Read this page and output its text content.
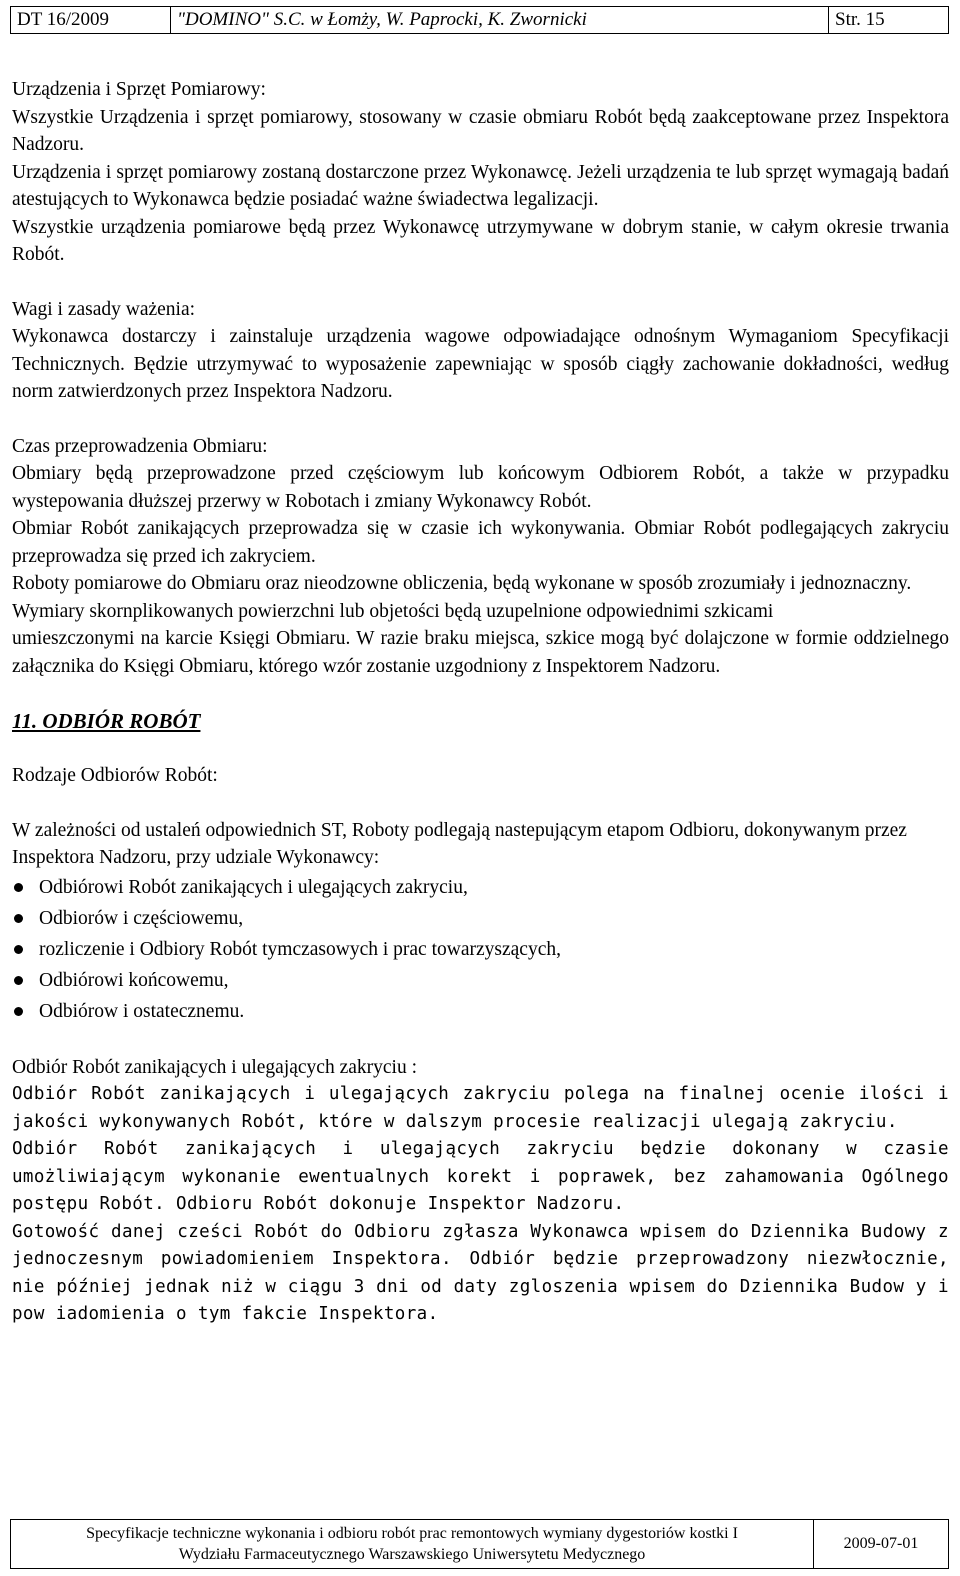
DT 16/2009	"DOMINO" S.C. w Łomży, W. Paprocki, K. Zwornicki	Str. 15

Urządzenia i Sprzęt Pomiarowy:

Wszystkie Urządzenia i sprzęt pomiarowy, stosowany w czasie obmiaru Robót będą zaakceptowane przez Inspektora Nadzoru.

Urządzenia i sprzęt pomiarowy zostaną dostarczone przez Wykonawcę. Jeżeli urządzenia te lub sprzęt wymagają badań atestujących to Wykonawca będzie posiadać ważne świadectwa legalizacji.

Wszystkie urządzenia pomiarowe będą przez Wykonawcę utrzymywane w dobrym stanie, w całym okresie trwania Robót.

Wagi i zasady ważenia:

Wykonawca dostarczy i zainstaluje urządzenia wagowe odpowiadające odnośnym Wymaganiom Specyfikacji Technicznych. Będzie utrzymywać to wyposażenie zapewniając w sposób ciągły zachowanie dokładności, według norm zatwierdzonych przez Inspektora Nadzoru.

Czas przeprowadzenia Obmiaru:

Obmiary będą przeprowadzone przed częściowym lub końcowym Odbiorem Robót, a także w przypadku wystepowania dłuższej przerwy w Robotach i zmiany Wykonawcy Robót.

Obmiar Robót zanikających przeprowadza się w czasie ich wykonywania. Obmiar Robót podlegających zakryciu przeprowadza się przed ich zakryciem.

Roboty pomiarowe do Obmiaru oraz nieodzowne obliczenia, będą wykonane w sposób zrozumiały i jednoznaczny.

Wymiary skornplikowanych powierzchni lub objetości będą uzupelnione odpowiednimi szkicami

umieszczonymi na karcie Księgi Obmiaru. W razie braku miejsca, szkice mogą być dolajczone w formie oddzielnego załącznika do Księgi Obmiaru, którego wzór zostanie uzgodniony z Inspektorem Nadzoru.

11. ODBIÓR ROBÓT

Rodzaje Odbiorów Robót:

W zależności od ustaleń odpowiednich ST, Roboty podlegają nastepującym etapom Odbioru, dokonywanym przez Inspektora Nadzoru, przy udziale Wykonawcy:

Odbiórowi Robót zanikających i ulegających zakryciu,
Odbiorów i częściowemu,
rozliczenie i Odbiory Robót tymczasowych i prac towarzyszących,
Odbiórowi końcowemu,
Odbiórow i ostatecznemu.

Odbiór Robót zanikających i ulegających zakryciu :

Odbiór Robót zanikających i ulegających zakryciu polega na finalnej ocenie ilości i jakości wykonywanych Robót, które w dalszym procesie realizacji ulegają zakryciu.

Odbiór Robót zanikających i ulegających zakryciu będzie dokonany w czasie umożliwiającym wykonanie ewentualnych korekt i poprawek, bez zahamowania Ogólnego postępu Robót. Odbioru Robót dokonuje Inspektor Nadzoru.

Gotowość danej cześci Robót do Odbioru zgłasza Wykonawca wpisem do Dziennika Budowy z jednoczesnym powiadomieniem Inspektora. Odbiór będzie przeprowadzony niezwłocznie, nie później jednak niż w ciągu 3 dni od daty zgloszenia wpisem do Dziennika Budow y i pow iadomienia o tym fakcie Inspektora.

Specyfikacje techniczne wykonania i odbioru robót prac remontowych wymiany dygestoriów kostki I
Wydziału Farmaceutycznego Warszawskiego Uniwersytetu Medycznego
2009-07-01
